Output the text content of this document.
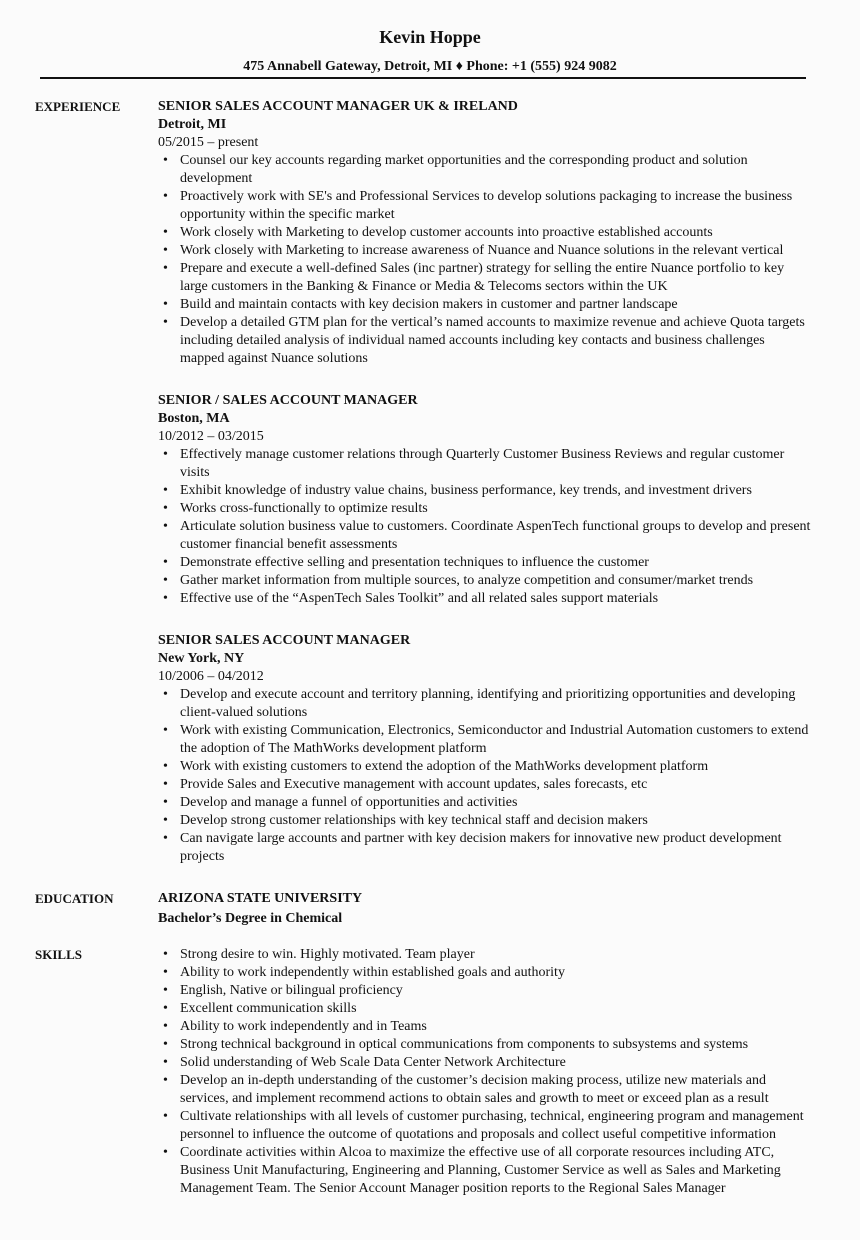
Kevin Hoppe
475 Annabell Gateway, Detroit, MI ♦ Phone: +1 (555) 924 9082
EXPERIENCE	SENIOR SALES ACCOUNT MANAGER UK & IRELAND
Detroit, MI
05/2015 – present
• Counsel our key accounts regarding market opportunities and the corresponding product and solution development
• Proactively work with SE's and Professional Services to develop solutions packaging to increase the business opportunity within the specific market
• Work closely with Marketing to develop customer accounts into proactive established accounts
• Work closely with Marketing to increase awareness of Nuance and Nuance solutions in the relevant vertical
• Prepare and execute a well-defined Sales (inc partner) strategy for selling the entire Nuance portfolio to key large customers in the Banking & Finance or Media & Telecoms sectors within the UK
• Build and maintain contacts with key decision makers in customer and partner landscape
• Develop a detailed GTM plan for the vertical’s named accounts to maximize revenue and achieve Quota targets including detailed analysis of individual named accounts including key contacts and business challenges mapped against Nuance solutions
SENIOR / SALES ACCOUNT MANAGER
Boston, MA
10/2012 – 03/2015
• Effectively manage customer relations through Quarterly Customer Business Reviews and regular customer visits
• Exhibit knowledge of industry value chains, business performance, key trends, and investment drivers
• Works cross-functionally to optimize results
• Articulate solution business value to customers. Coordinate AspenTech functional groups to develop and present customer financial benefit assessments
• Demonstrate effective selling and presentation techniques to influence the customer
• Gather market information from multiple sources, to analyze competition and consumer/market trends
• Effective use of the “AspenTech Sales Toolkit” and all related sales support materials
SENIOR SALES ACCOUNT MANAGER
New York, NY
10/2006 – 04/2012
• Develop and execute account and territory planning, identifying and prioritizing opportunities and developing client-valued solutions
• Work with existing Communication, Electronics, Semiconductor and Industrial Automation customers to extend the adoption of The MathWorks development platform
• Work with existing customers to extend the adoption of the MathWorks development platform
• Provide Sales and Executive management with account updates, sales forecasts, etc
• Develop and manage a funnel of opportunities and activities
• Develop strong customer relationships with key technical staff and decision makers
• Can navigate large accounts and partner with key decision makers for innovative new product development projects
EDUCATION	ARIZONA STATE UNIVERSITY
Bachelor’s Degree in Chemical
SKILLS	• Strong desire to win. Highly motivated. Team player
• Ability to work independently within established goals and authority
• English, Native or bilingual proficiency
• Excellent communication skills
• Ability to work independently and in Teams
• Strong technical background in optical communications from components to subsystems and systems
• Solid understanding of Web Scale Data Center Network Architecture
• Develop an in-depth understanding of the customer’s decision making process, utilize new materials and services, and implement recommend actions to obtain sales and growth to meet or exceed plan as a result
• Cultivate relationships with all levels of customer purchasing, technical, engineering program and management personnel to influence the outcome of quotations and proposals and collect useful competitive information
• Coordinate activities within Alcoa to maximize the effective use of all corporate resources including ATC, Business Unit Manufacturing, Engineering and Planning, Customer Service as well as Sales and Marketing Management Team. The Senior Account Manager position reports to the Regional Sales Manager
